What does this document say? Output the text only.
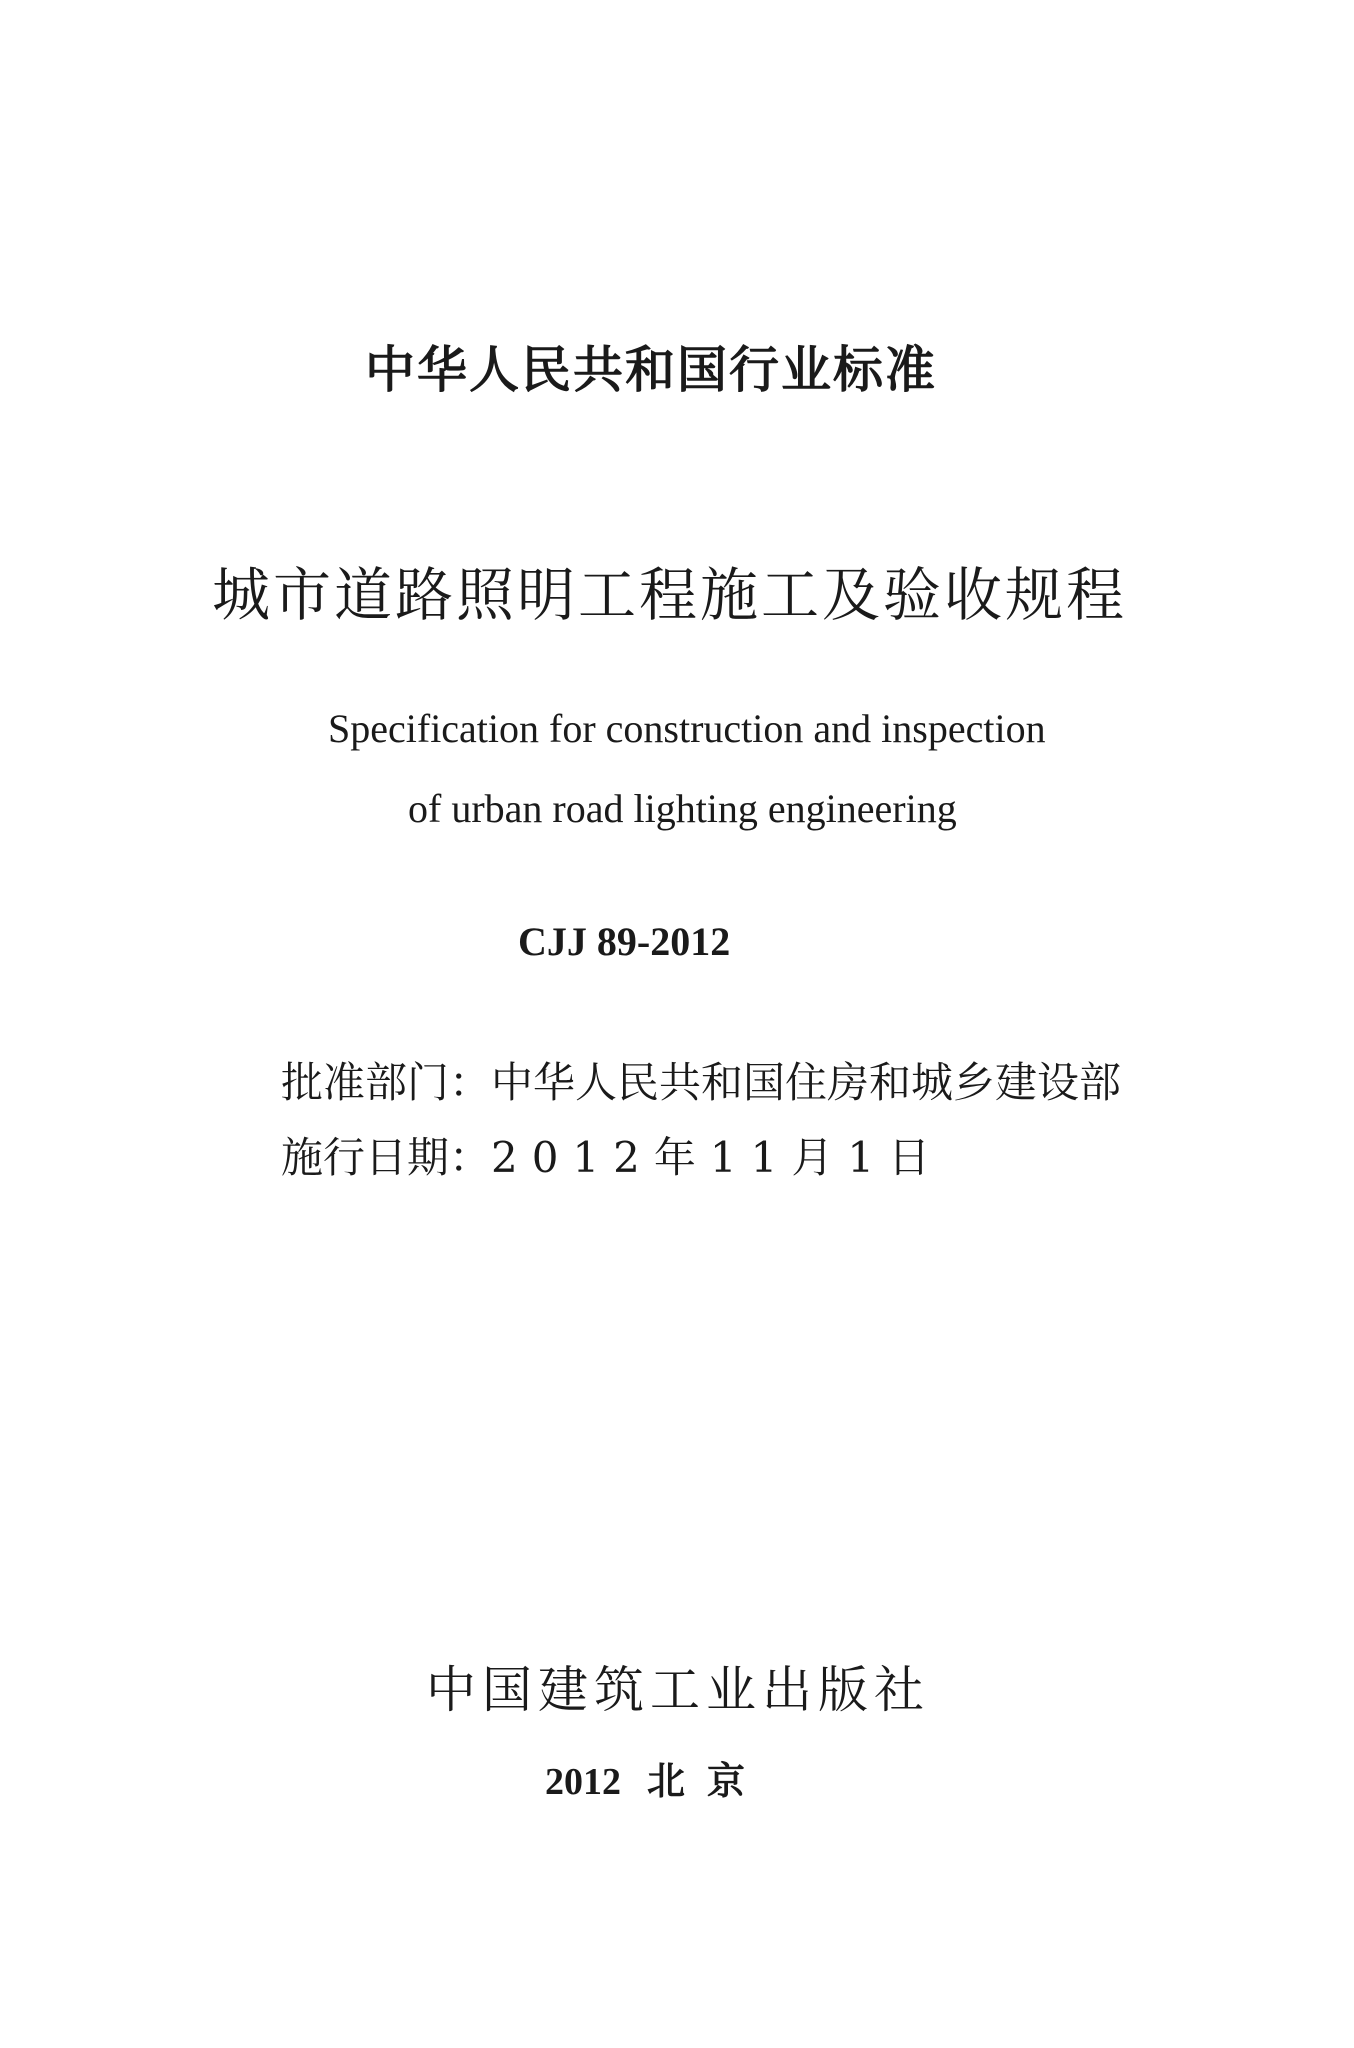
中华人民共和国行业标准
城市道路照明工程施工及验收规程
Specification for construction and inspection
of urban road lighting engineering
CJJ 89-2012
批准部门：中华人民共和国住房和城乡建设部
施行日期：2012年11月1日
中国建筑工业出版社
2012 北京
